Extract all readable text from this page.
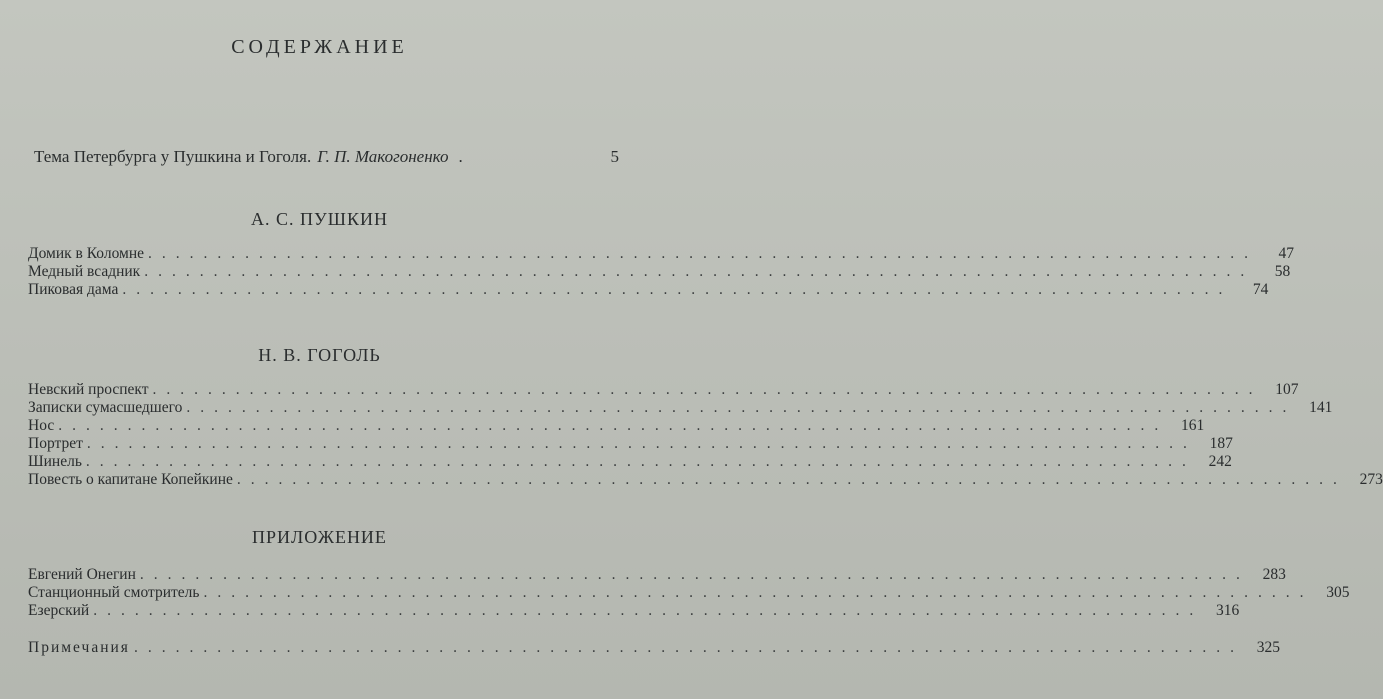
СОДЕРЖАНИЕ
Тема Петербурга у Пушкина и Гоголя. Г. П. Макогоненко .	5
А. С. ПУШКИН
Домик в Коломне ................................................................................	47
Медный всадник ................................................................................	58
Пиковая дама ................................................................................	74
Н. В. ГОГОЛЬ
Невский проспект ................................................................................ 107
Записки сумасшедшего ................................................................................ 141
Нос ................................................................................ 161
Портрет ................................................................................ 187
Шинель ................................................................................ 242
Повесть о капитане Копейкине ................................................................................ 273
ПРИЛОЖЕНИЕ
Евгений Онегин ................................................................................ 283
Станционный смотритель ................................................................................ 305
Езерский ................................................................................ 316
Примечания ................................................................................ 325
